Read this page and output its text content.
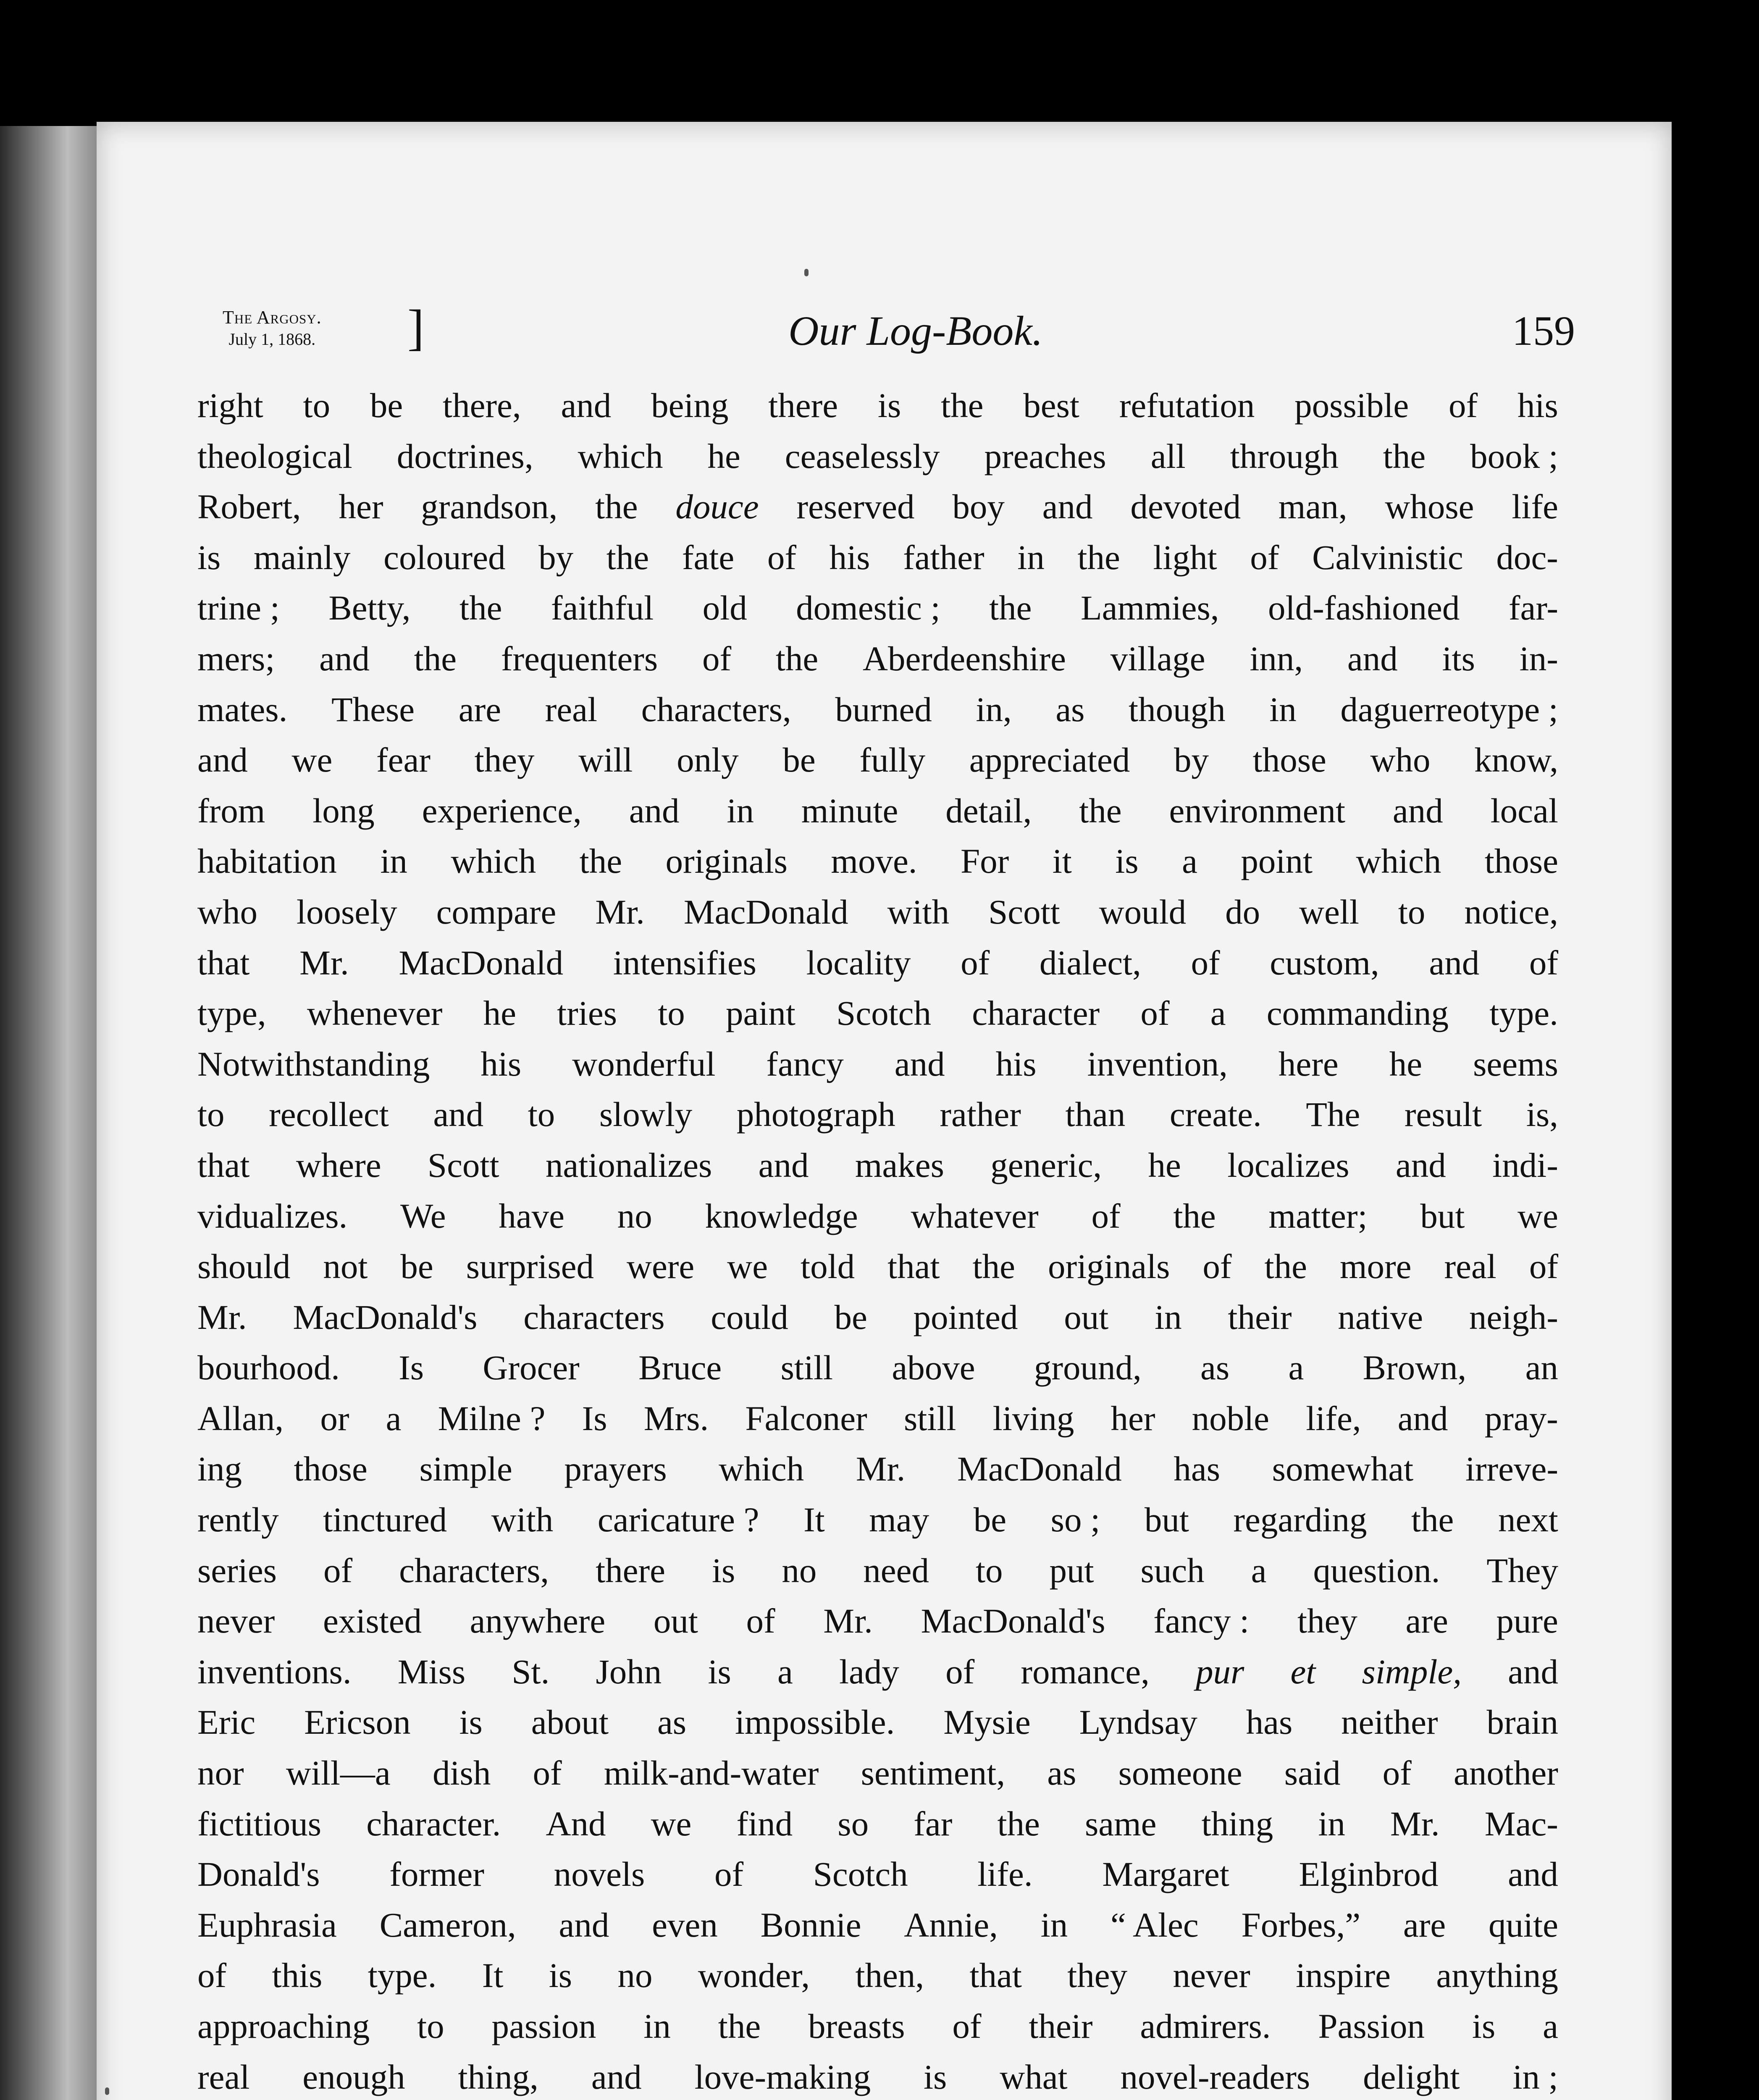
The Argosy.
July 1, 1868. ]	Our Log-Book.	159
right to be there, and being there is the best refutation possible of his
theological doctrines, which he ceaselessly preaches all through the book ;
Robert, her grandson, the douce reserved boy and devoted man, whose life
is mainly coloured by the fate of his father in the light of Calvinistic doc-
trine ; Betty, the faithful old domestic ; the Lammies, old-fashioned far-
mers; and the frequenters of the Aberdeenshire village inn, and its in-
mates. These are real characters, burned in, as though in daguerreotype ;
and we fear they will only be fully appreciated by those who know,
from long experience, and in minute detail, the environment and local
habitation in which the originals move. For it is a point which those
who loosely compare Mr. MacDonald with Scott would do well to notice,
that Mr. MacDonald intensifies locality of dialect, of custom, and of
type, whenever he tries to paint Scotch character of a commanding type.
Notwithstanding his wonderful fancy and his invention, here he seems
to recollect and to slowly photograph rather than create. The result is,
that where Scott nationalizes and makes generic, he localizes and indi-
vidualizes. We have no knowledge whatever of the matter; but we
should not be surprised were we told that the originals of the more real of
Mr. MacDonald's characters could be pointed out in their native neigh-
bourhood. Is Grocer Bruce still above ground, as a Brown, an
Allan, or a Milne ? Is Mrs. Falconer still living her noble life, and pray-
ing those simple prayers which Mr. MacDonald has somewhat irreve-
rently tinctured with caricature ? It may be so ; but regarding the next
series of characters, there is no need to put such a question. They
never existed anywhere out of Mr. MacDonald's fancy : they are pure
inventions. Miss St. John is a lady of romance, pur et simple, and
Eric Ericson is about as impossible. Mysie Lyndsay has neither brain
nor will—a dish of milk-and-water sentiment, as someone said of another
fictitious character. And we find so far the same thing in Mr. Mac-
Donald's former novels of Scotch life. Margaret Elginbrod and
Euphrasia Cameron, and even Bonnie Annie, in “ Alec Forbes,” are quite
of this type. It is no wonder, then, that they never inspire anything
approaching to passion in the breasts of their admirers. Passion is a
real enough thing, and love-making is what novel-readers delight in ;
